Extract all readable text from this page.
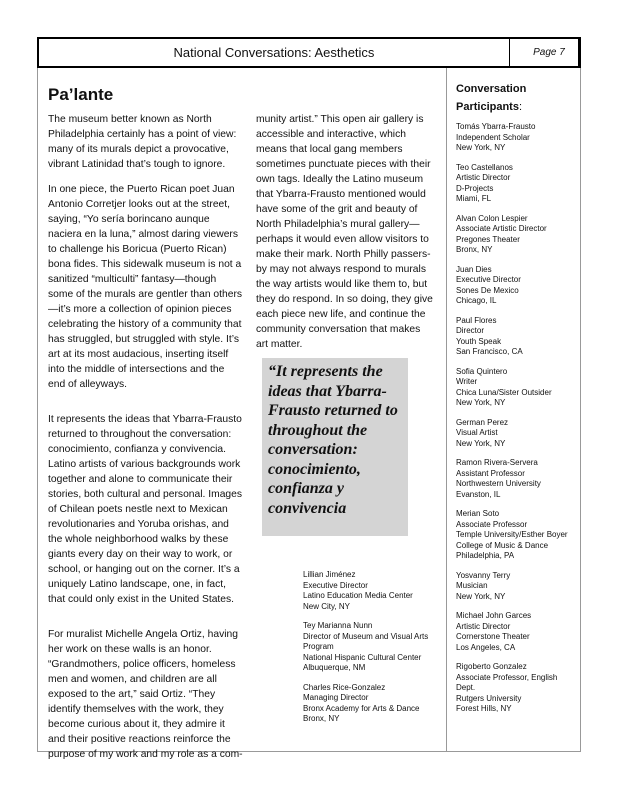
National Conversations: Aesthetics	Page 7
Pa’lante

The museum better known as North Philadelphia certainly has a point of view: many of its murals depict a provocative, vibrant Latinidad that’s tough to ignore.

In one piece, the Puerto Rican poet Juan Antonio Corretjer looks out at the street, saying, “Yo sería borincano aunque naciera en la luna,” almost daring viewers to challenge his Boricua (Puerto Rican) bona fides. This sidewalk museum is not a sanitized “multiculti” fantasy—though some of the murals are gentler than others—it’s more a collection of opinion pieces celebrating the history of a community that has struggled, but struggled with style. It’s art at its most audacious, inserting itself into the middle of intersections and the end of alleyways.

It represents the ideas that Ybarra-Frausto returned to throughout the conversation: conocimiento, confianza y convivencia. Latino artists of various backgrounds work together and alone to communicate their stories, both cultural and personal. Images of Chilean poets nestle next to Mexican revolutionaries and Yoruba orishas, and the whole neighborhood walks by these giants every day on their way to work, or school, or hanging out on the corner. It’s a uniquely Latino landscape, one, in fact, that could only exist in the United States.

For muralist Michelle Angela Ortiz, having her work on these walls is an honor. “Grandmothers, police officers, homeless men and women, and children are all exposed to the art,” said Ortiz. “They identify themselves with the work, they become curious about it, they admire it and their positive reactions reinforce the purpose of my work and my role as a com-

munity artist.” This open air gallery is accessible and interactive, which means that local gang members sometimes punctuate pieces with their own tags. Ideally the Latino museum that Ybarra-Frausto mentioned would have some of the grit and beauty of North Philadelphia’s mural gallery—perhaps it would even allow visitors to make their mark. North Philly passers-by may not always respond to murals the way artists would like them to, but they do respond. In so doing, they give each piece new life, and continue the community conversation that makes art matter.

“It represents the ideas that Ybarra-Frausto returned to throughout the conversation: conocimiento, confianza y convivencia
Lillian Jiménez
Executive Director
Latino Education Media Center
New City, NY
Tey Marianna Nunn
Director of Museum and Visual Arts Program
National Hispanic Cultural Center
Albuquerque, NM
Charles Rice-Gonzalez
Managing Director
Bronx Academy for Arts & Dance
Bronx, NY
Conversation Participants:
Tomás Ybarra-Frausto
Independent Scholar
New York, NY
Teo Castellanos
Artistic Director
D-Projects
Miami, FL
Alvan Colon Lespier
Associate Artistic Director
Pregones Theater
Bronx, NY
Juan Dies
Executive Director
Sones De Mexico
Chicago, IL
Paul Flores
Director
Youth Speak
San Francisco, CA
Sofia Quintero
Writer
Chica Luna/Sister Outsider
New York, NY
German Perez
Visual Artist
New York, NY
Ramon Rivera-Servera
Assistant Professor
Northwestern University
Evanston, IL
Merian Soto
Associate Professor
Temple University/Esther Boyer College of Music & Dance
Philadelphia, PA
Yosvanny Terry
Musician
New York, NY
Michael John Garces
Artistic Director
Cornerstone Theater
Los Angeles, CA
Rigoberto Gonzalez
Associate Professor, English Dept.
Rutgers University
Forest Hills, NY
